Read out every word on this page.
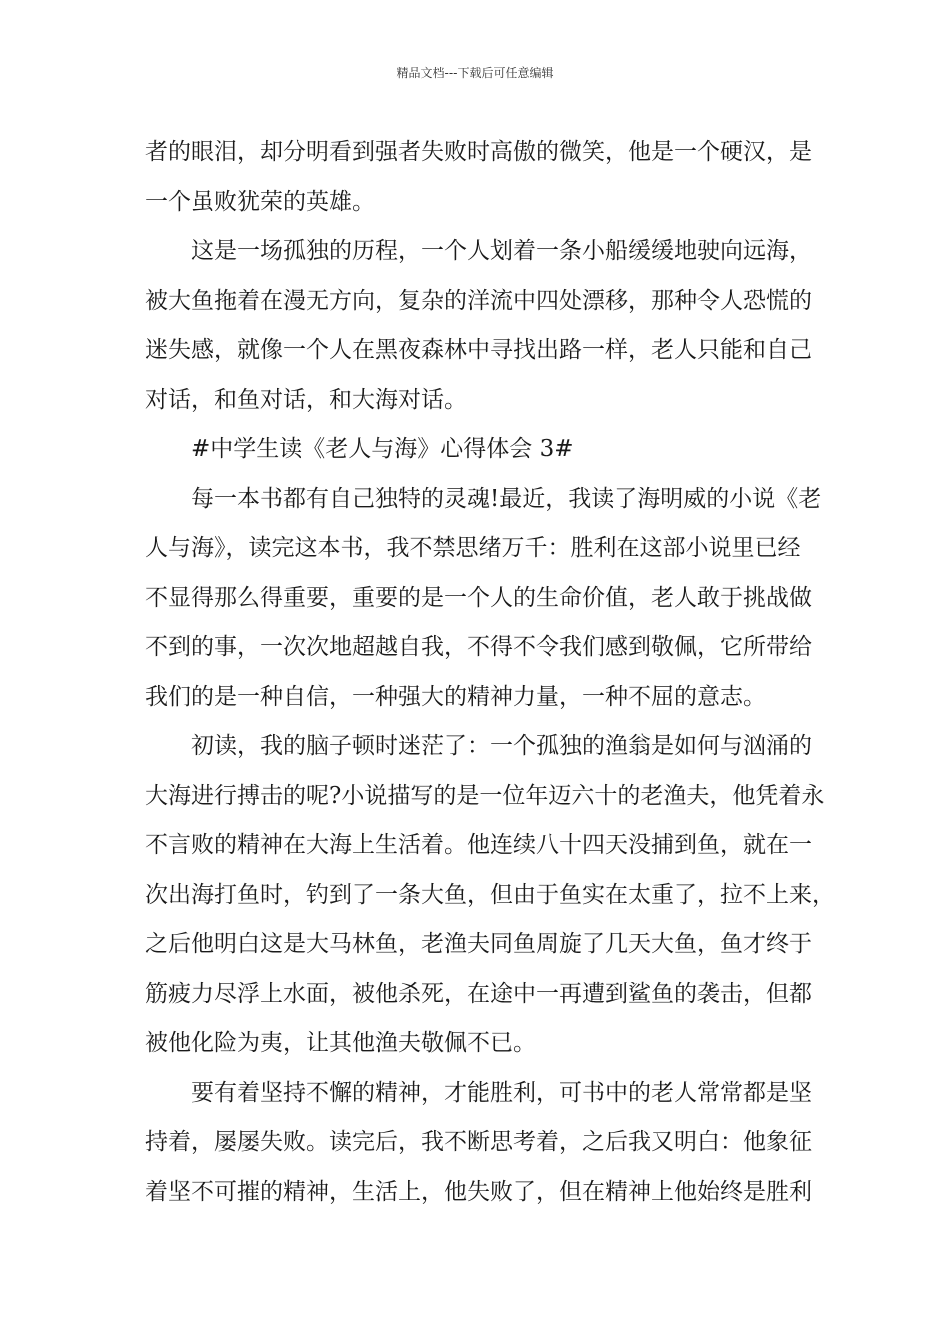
精品文档---下载后可任意编辑
者的眼泪，却分明看到强者失败时高傲的微笑，他是一个硬汉，是
一个虽败犹荣的英雄。
这是一场孤独的历程，一个人划着一条小船缓缓地驶向远海，
被大鱼拖着在漫无方向，复杂的洋流中四处漂移，那种令人恐慌的
迷失感，就像一个人在黑夜森林中寻找出路一样，老人只能和自己
对话，和鱼对话，和大海对话。
#中学生读《老人与海》心得体会 3#
每一本书都有自己独特的灵魂!最近，我读了海明威的小说《老
人与海》，读完这本书，我不禁思绪万千：胜利在这部小说里已经
不显得那么得重要，重要的是一个人的生命价值，老人敢于挑战做
不到的事，一次次地超越自我，不得不令我们感到敬佩，它所带给
我们的是一种自信，一种强大的精神力量，一种不屈的意志。
初读，我的脑子顿时迷茫了：一个孤独的渔翁是如何与汹涌的
大海进行搏击的呢?小说描写的是一位年迈六十的老渔夫，他凭着永
不言败的精神在大海上生活着。他连续八十四天没捕到鱼，就在一
次出海打鱼时，钓到了一条大鱼，但由于鱼实在太重了，拉不上来，
之后他明白这是大马林鱼，老渔夫同鱼周旋了几天大鱼，鱼才终于
筋疲力尽浮上水面，被他杀死，在途中一再遭到鲨鱼的袭击，但都
被他化险为夷，让其他渔夫敬佩不已。
要有着坚持不懈的精神，才能胜利，可书中的老人常常都是坚
持着，屡屡失败。读完后，我不断思考着，之后我又明白：他象征
着坚不可摧的精神，生活上，他失败了，但在精神上他始终是胜利
